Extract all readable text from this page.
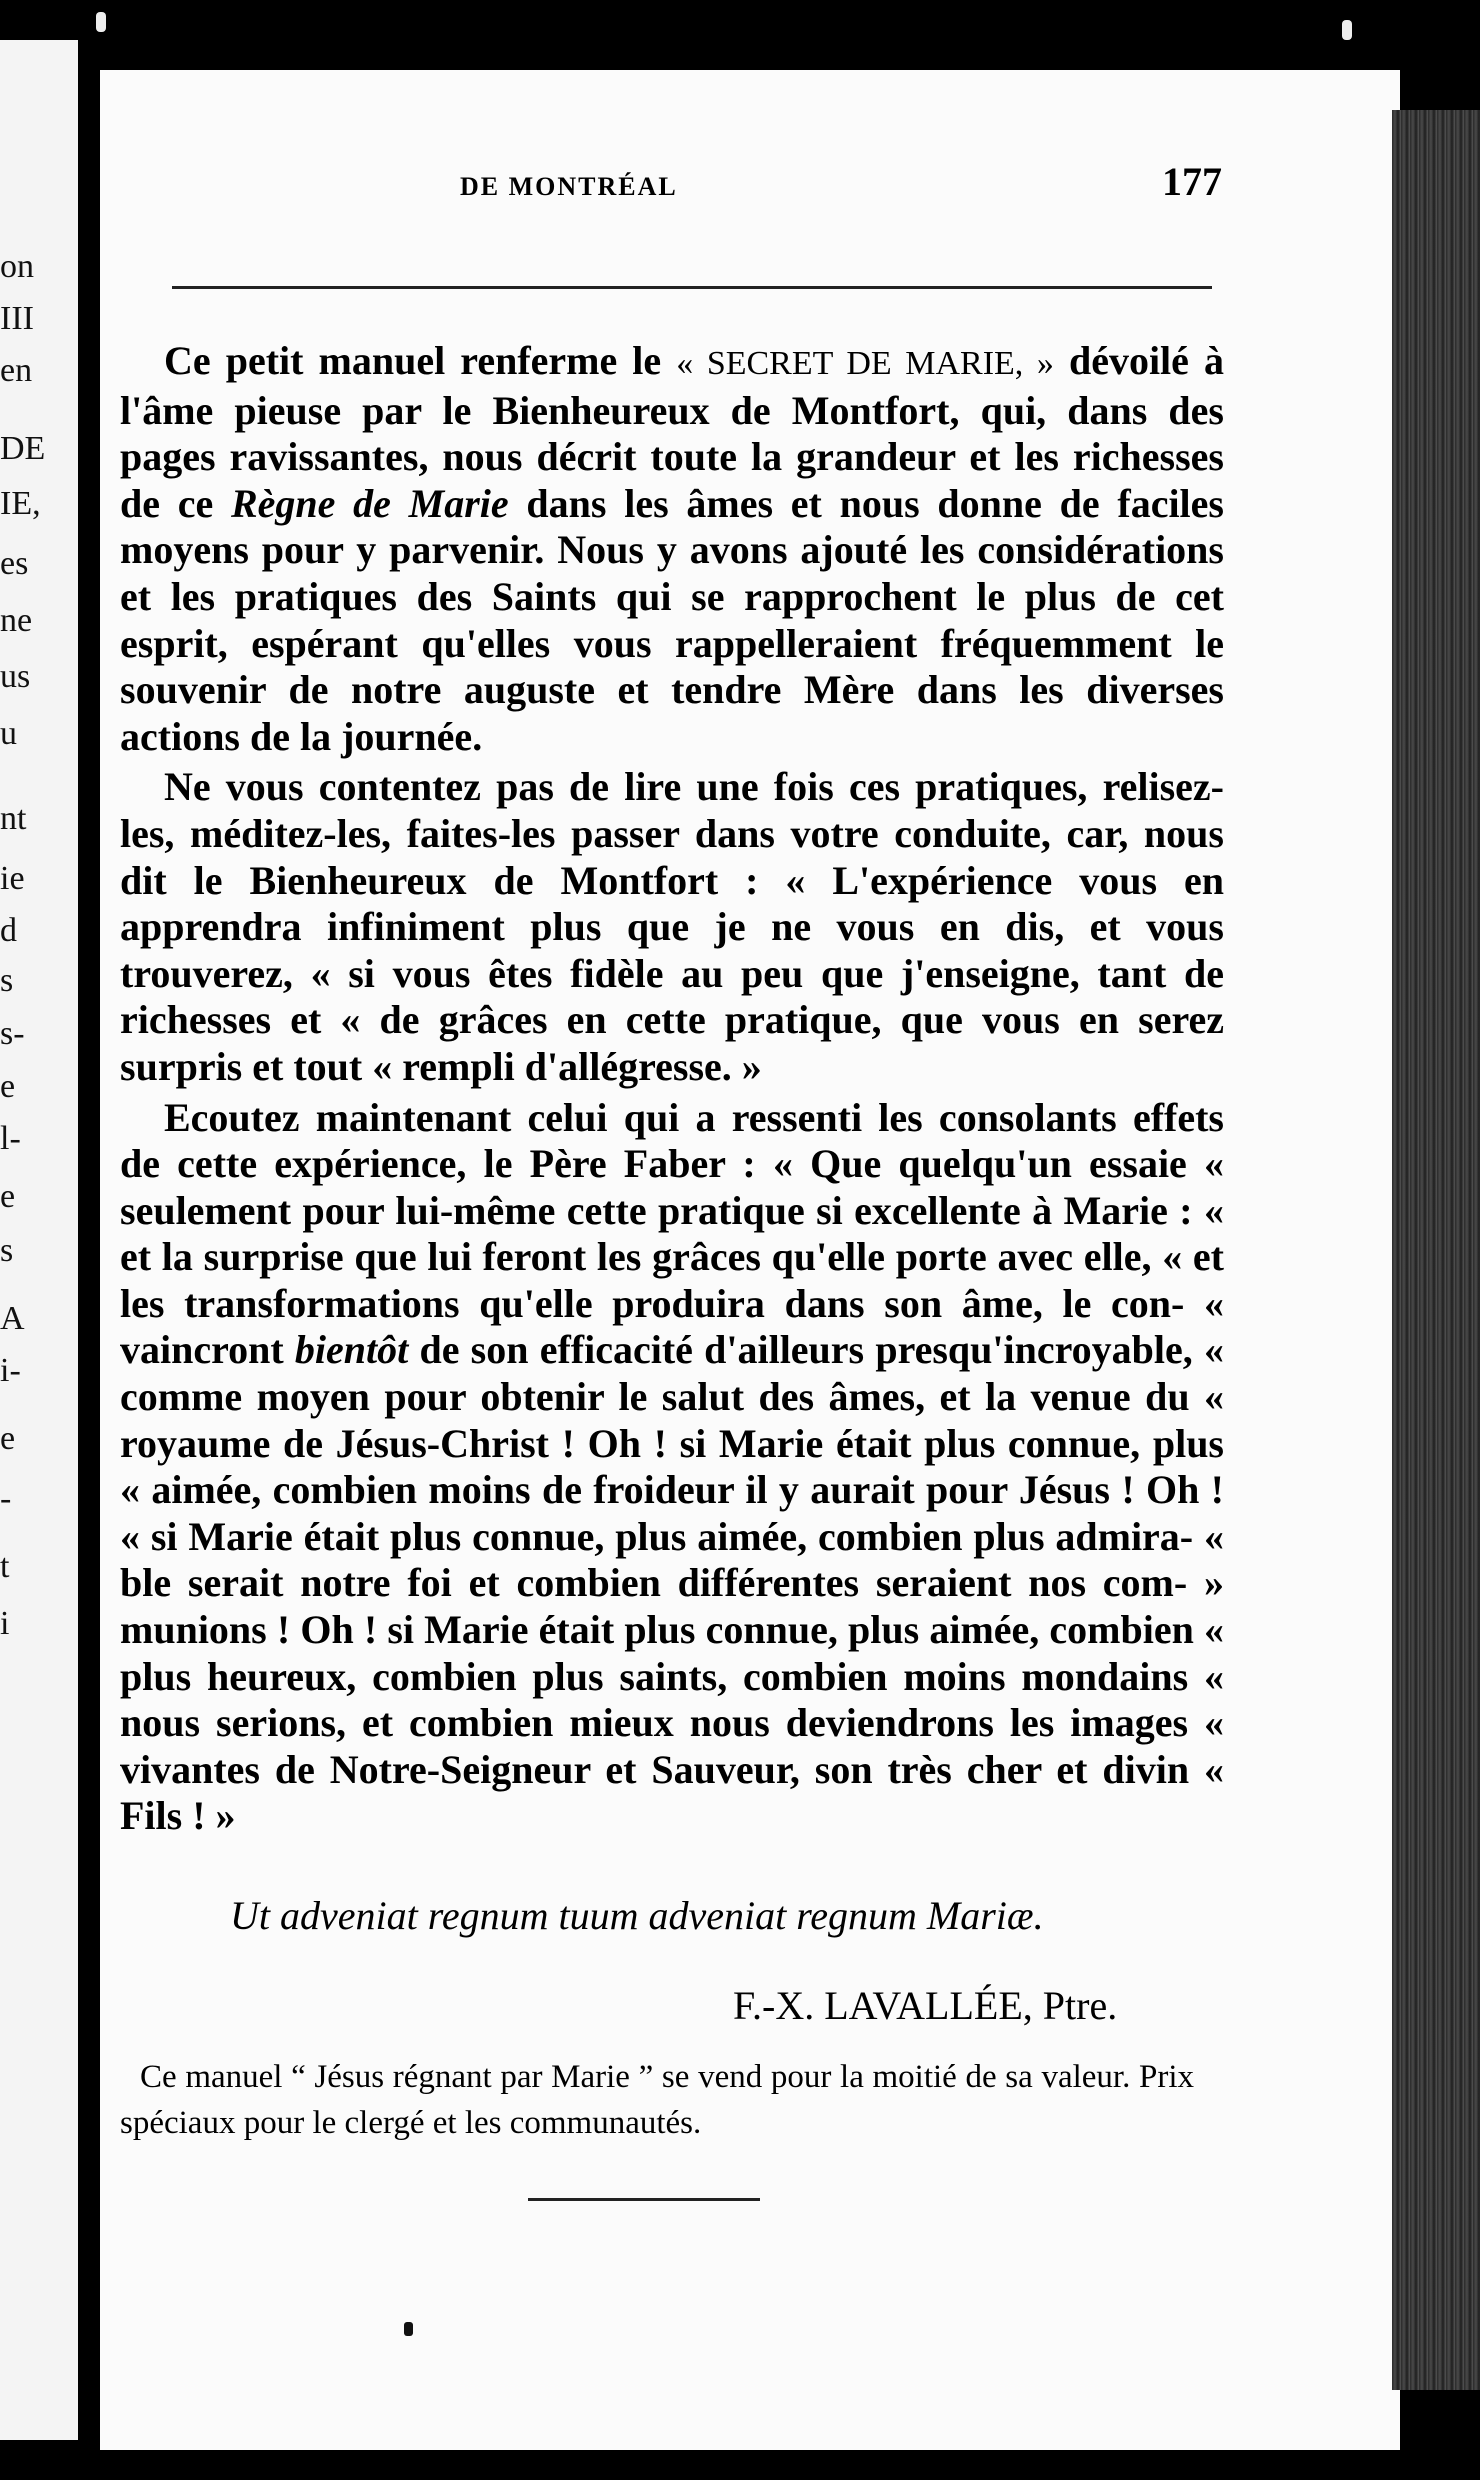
on
III
en
DE
IE,
es
ne
us
u
nt
ie
d
s
s-
e
l-
e
s
A
i-
e
-
t
i
DE MONTRÉAL	177

Ce petit manuel renferme le « SECRET DE MARIE, » dévoilé à l'âme pieuse par le Bienheureux de Montfort, qui, dans des pages ravissantes, nous décrit toute la grandeur et les richesses de ce Règne de Marie dans les âmes et nous donne de faciles moyens pour y parvenir. Nous y avons ajouté les considérations et les pratiques des Saints qui se rapprochent le plus de cet esprit, espérant qu'elles vous rappelleraient fréquemment le souvenir de notre auguste et tendre Mère dans les diverses actions de la journée.

Ne vous contentez pas de lire une fois ces pratiques, relisez-les, méditez-les, faites-les passer dans votre conduite, car, nous dit le Bienheureux de Montfort : « L'expérience vous en apprendra infiniment plus que je ne vous en dis, et vous trouverez, « si vous êtes fidèle au peu que j'enseigne, tant de richesses et « de grâces en cette pratique, que vous en serez surpris et tout « rempli d'allégresse. »

Ecoutez maintenant celui qui a ressenti les consolants effets de cette expérience, le Père Faber : « Que quelqu'un essaie « seulement pour lui-même cette pratique si excellente à Marie : « et la surprise que lui feront les grâces qu'elle porte avec elle, « et les transformations qu'elle produira dans son âme, le con- « vaincront bientôt de son efficacité d'ailleurs presqu'incroyable, « comme moyen pour obtenir le salut des âmes, et la venue du « royaume de Jésus-Christ ! Oh ! si Marie était plus connue, plus « aimée, combien moins de froideur il y aurait pour Jésus ! Oh ! « si Marie était plus connue, plus aimée, combien plus admira- « ble serait notre foi et combien différentes seraient nos com- » munions ! Oh ! si Marie était plus connue, plus aimée, combien « plus heureux, combien plus saints, combien moins mondains « nous serions, et combien mieux nous deviendrons les images « vivantes de Notre-Seigneur et Sauveur, son très cher et divin « Fils ! »

Ut adveniat regnum tuum adveniat regnum Mariæ.
F.-X. LAVALLÉE, Ptre.

Ce manuel “ Jésus régnant par Marie ” se vend pour la moitié de sa valeur. Prix spéciaux pour le clergé et les communautés.
